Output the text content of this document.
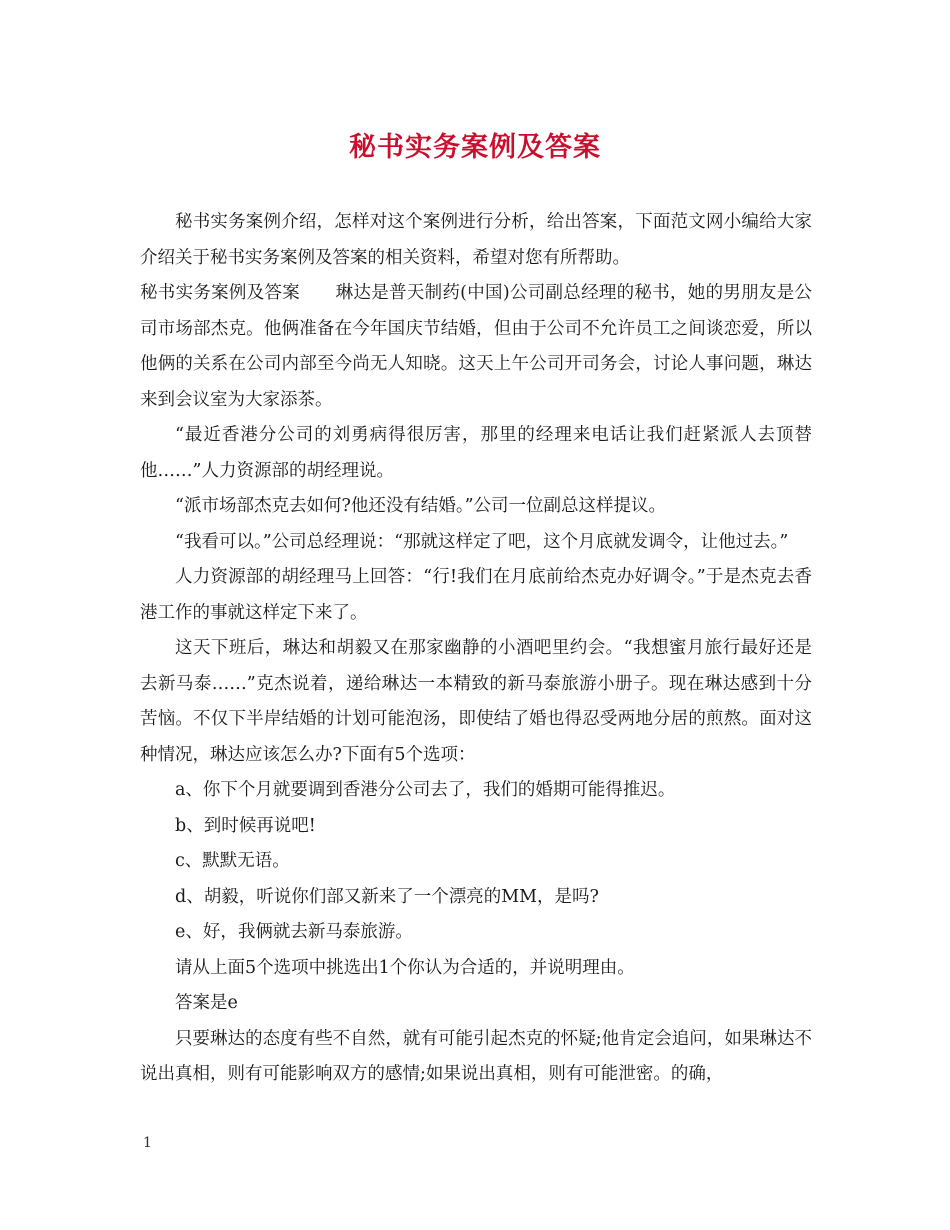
秘书实务案例及答案

秘书实务案例介绍，怎样对这个案例进行分析，给出答案，下面范文网小编给大家介绍关于秘书实务案例及答案的相关资料，希望对您有所帮助。

秘书实务案例及答案　　琳达是普天制药(中国)公司副总经理的秘书，她的男朋友是公司市场部杰克。他俩准备在今年国庆节结婚，但由于公司不允许员工之间谈恋爱，所以他俩的关系在公司内部至今尚无人知晓。这天上午公司开司务会，讨论人事问题，琳达来到会议室为大家添茶。

“最近香港分公司的刘勇病得很厉害，那里的经理来电话让我们赶紧派人去顶替他……”人力资源部的胡经理说。

“派市场部杰克去如何?他还没有结婚。”公司一位副总这样提议。

“我看可以。”公司总经理说：“那就这样定了吧，这个月底就发调令，让他过去。”

人力资源部的胡经理马上回答：“行!我们在月底前给杰克办好调令。”于是杰克去香港工作的事就这样定下来了。

这天下班后，琳达和胡毅又在那家幽静的小酒吧里约会。“我想蜜月旅行最好还是去新马泰……”克杰说着，递给琳达一本精致的新马泰旅游小册子。现在琳达感到十分苦恼。不仅下半岸结婚的计划可能泡汤，即使结了婚也得忍受两地分居的煎熬。面对这种情况，琳达应该怎么办?下面有5个选项：

a、你下个月就要调到香港分公司去了，我们的婚期可能得推迟。

b、到时候再说吧!

c、默默无语。

d、胡毅，听说你们部又新来了一个漂亮的MM，是吗?

e、好，我俩就去新马泰旅游。

请从上面5个选项中挑选出1个你认为合适的，并说明理由。

答案是e

只要琳达的态度有些不自然，就有可能引起杰克的怀疑;他肯定会追问，如果琳达不说出真相，则有可能影响双方的感情;如果说出真相，则有可能泄密。的确，

1
